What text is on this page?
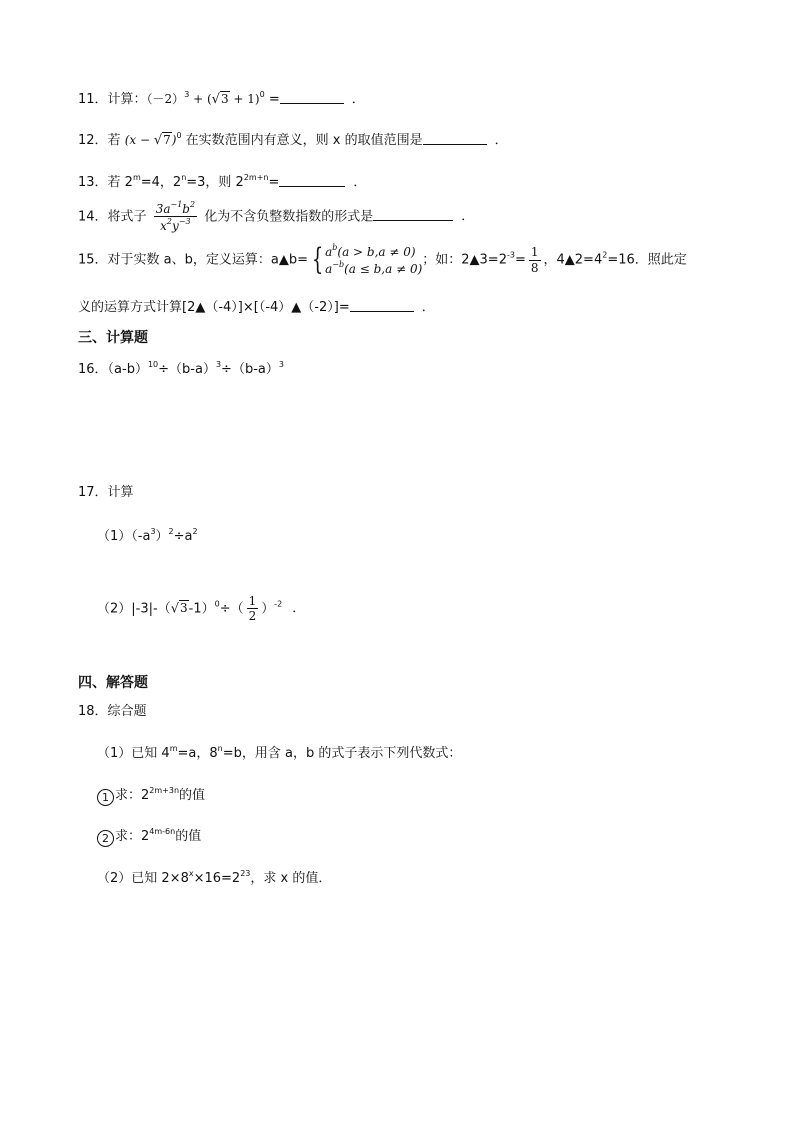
11．计算：$(-2)^3 + (√3 + 1)^0$ =	．
12．若 $(x - √7)^0$ 在实数范围内有意义，则 x 的取值范围是	．
13．若 $2^m=4$，$2^n=3$，则 $2^{2m+n}=$	．
14．将式子 $\frac{3a^{-1}b^2}{x^2y^{-3}}$ 化为不含负整数指数的形式是	．
15．对于实数 a、b，定义运算：a▲b= { $a^b(a > b,a \ne 0)$
$a^{-b}(a \le b,a \ne 0)$
；如：$2▲3=2^{-3}= \frac{1}{8}$ ，$4▲2=4^2=16$．照此定
义的运算方式计算[2▲（-4）]×[（-4）▲（-2）]=	．
三、计算题
16．$(a-b)^{10}\div(b-a)^3\div(b-a)^3$
17．计算
$(1)(-a^3)^2\div a^2$
$(2)|-3|-(√3-1)^0\div( \frac{1}{2} )^{-2}$ ．
四、解答题
18．综合题
（1）已知 $4^m=a$，$8^n=b$，用含 a，b 的式子表示下列代数式：
1 求：$2^{2m+3n}$的值
2 求：$2^{4m-6n}$的值
（2）已知 $2\times 8^x\times 16=2^{23}$，求 x 的值．
